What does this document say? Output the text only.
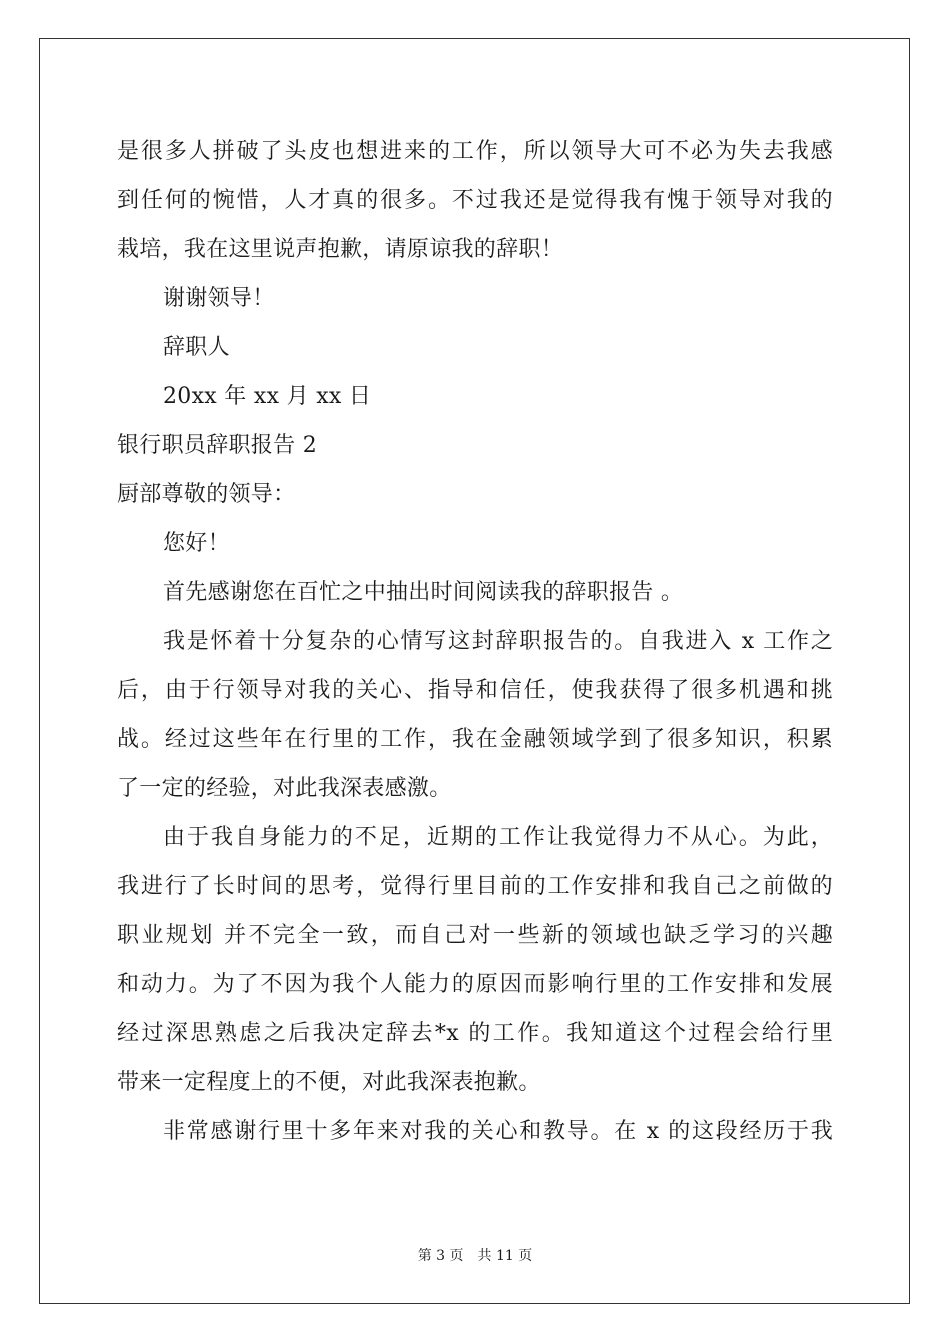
是很多人拼破了头皮也想进来的工作，所以领导大可不必为失去我感
到任何的惋惜，人才真的很多。不过我还是觉得我有愧于领导对我的
栽培，我在这里说声抱歉，请原谅我的辞职！
谢谢领导！
辞职人
20xx 年 xx 月 xx 日
银行职员辞职报告 2
厨部尊敬的领导：
您好！
首先感谢您在百忙之中抽出时间阅读我的辞职报告 。
我是怀着十分复杂的心情写这封辞职报告的。自我进入 x 工作之
后，由于行领导对我的关心、指导和信任，使我获得了很多机遇和挑
战。经过这些年在行里的工作，我在金融领域学到了很多知识，积累
了一定的经验，对此我深表感激。
由于我自身能力的不足，近期的工作让我觉得力不从心。为此，
我进行了长时间的思考，觉得行里目前的工作安排和我自己之前做的
职业规划 并不完全一致，而自己对一些新的领域也缺乏学习的兴趣
和动力。为了不因为我个人能力的原因而影响行里的工作安排和发展
经过深思熟虑之后我决定辞去*x 的工作。我知道这个过程会给行里
带来一定程度上的不便，对此我深表抱歉。
非常感谢行里十多年来对我的关心和教导。在 x 的这段经历于我
第 3 页 共 11 页
